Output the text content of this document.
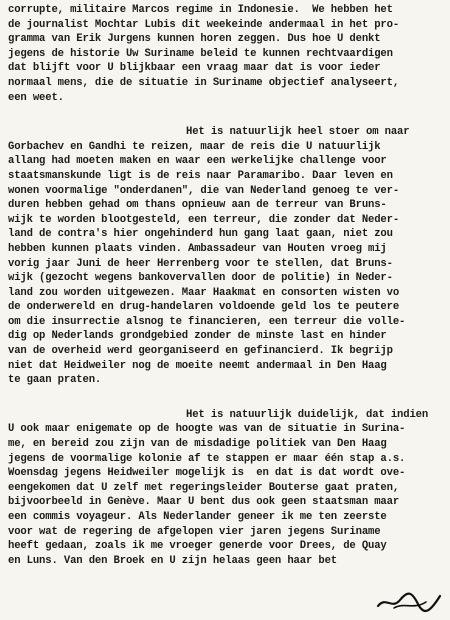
corrupte, militaire Marcos regime in Indonesie.  We hebben het
de journalist Mochtar Lubis dit weekeinde andermaal in het pro-
gramma van Erik Jurgens kunnen horen zeggen. Dus hoe U denkt
jegens de historie Uw Suriname beleid te kunnen rechtvaardigen
dat blijft voor U blijkbaar een vraag maar dat is voor ieder
normaal mens, die de situatie in Suriname objectief analyseert,
een weet.
Het is natuurlijk heel stoer om naar
Gorbachev en Gandhi te reizen, maar de reis die U natuurlijk
allang had moeten maken en waar een werkelijke challenge voor
staatsmanskunde ligt is de reis naar Paramaribo. Daar leven en
wonen voormalige "onderdanen", die van Nederland genoeg te ver-
duren hebben gehad om thans opnieuw aan de terreur van Bruns-
wijk te worden blootgesteld, een terreur, die zonder dat Neder-
land de contra's hier ongehinderd hun gang laat gaan, niet zou
hebben kunnen plaats vinden. Ambassadeur van Houten vroeg mij
vorig jaar Juni de heer Herrenberg voor te stellen, dat Bruns-
wijk (gezocht wegens bankovervallen door de politie) in Neder-
land zou worden uitgewezen. Maar Haakmat en consorten wisten vo
de onderwereld en drug-handelaren voldoende geld los te peutere
om die insurrectie alsnog te financieren, een terreur die volle-
dig op Nederlands grondgebied zonder de minste last en hinder
van de overheid werd georganiseerd en gefinancierd. Ik begrijp
niet dat Heidweiler nog de moeite neemt andermaal in Den Haag
te gaan praten.
Het is natuurlijk duidelijk, dat indien
U ook maar enigemate op de hoogte was van de situatie in Surina-
me, en bereid zou zijn van de misdadige politiek van Den Haag
jegens de voormalige kolonie af te stappen er maar één stap a.s.
Woensdag jegens Heidweiler mogelijk is  en dat is dat wordt ove-
eengekomen dat U zelf met regeringsleider Bouterse gaat praten,
bijvoorbeeld in Genève. Maar U bent dus ook geen staatsman maar
een commis voyageur. Als Nederlander geneer ik me ten zeerste
voor wat de regering de afgelopen vier jaren jegens Suriname
heeft gedaan, zoals ik me vroeger generde voor Drees, de Quay
en Luns. Van den Broek en U zijn helaas geen haar bet
